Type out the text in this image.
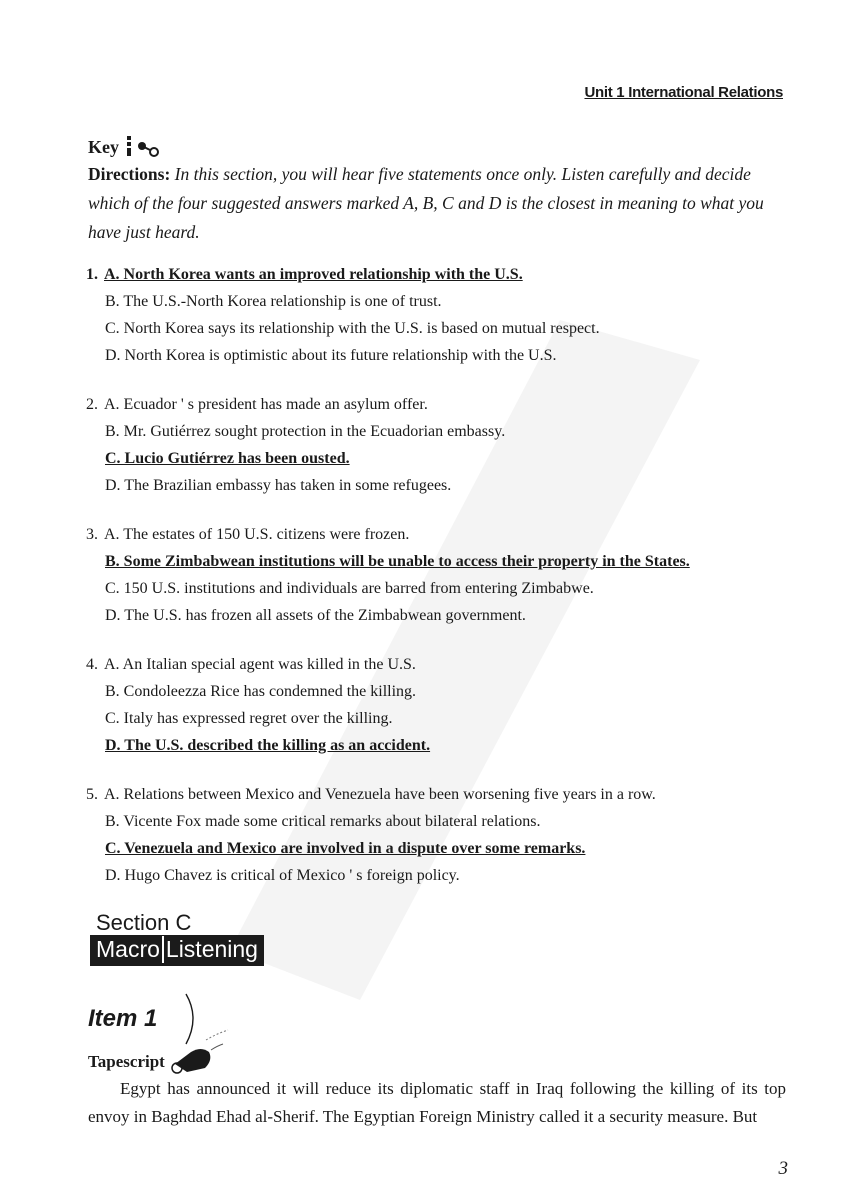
Unit 1 International Relations
Key
Directions: In this section, you will hear five statements once only. Listen carefully and decide which of the four suggested answers marked A, B, C and D is the closest in meaning to what you have just heard.
1. A. North Korea wants an improved relationship with the U.S.
B. The U.S.-North Korea relationship is one of trust.
C. North Korea says its relationship with the U.S. is based on mutual respect.
D. North Korea is optimistic about its future relationship with the U.S.
2. A. Ecuador ' s president has made an asylum offer.
B. Mr. Gutiérrez sought protection in the Ecuadorian embassy.
C. Lucio Gutiérrez has been ousted.
D. The Brazilian embassy has taken in some refugees.
3. A. The estates of 150 U.S. citizens were frozen.
B. Some Zimbabwean institutions will be unable to access their property in the States.
C. 150 U.S. institutions and individuals are barred from entering Zimbabwe.
D. The U.S. has frozen all assets of the Zimbabwean government.
4. A. An Italian special agent was killed in the U.S.
B. Condoleezza Rice has condemned the killing.
C. Italy has expressed regret over the killing.
D. The U.S. described the killing as an accident.
5. A. Relations between Mexico and Venezuela have been worsening five years in a row.
B. Vicente Fox made some critical remarks about bilateral relations.
C. Venezuela and Mexico are involved in a dispute over some remarks.
D. Hugo Chavez is critical of Mexico ' s foreign policy.
Section C
Macro Listening
Item 1
Tapescript
Egypt has announced it will reduce its diplomatic staff in Iraq following the killing of its top envoy in Baghdad Ehad al-Sherif. The Egyptian Foreign Ministry called it a security measure. But
3
